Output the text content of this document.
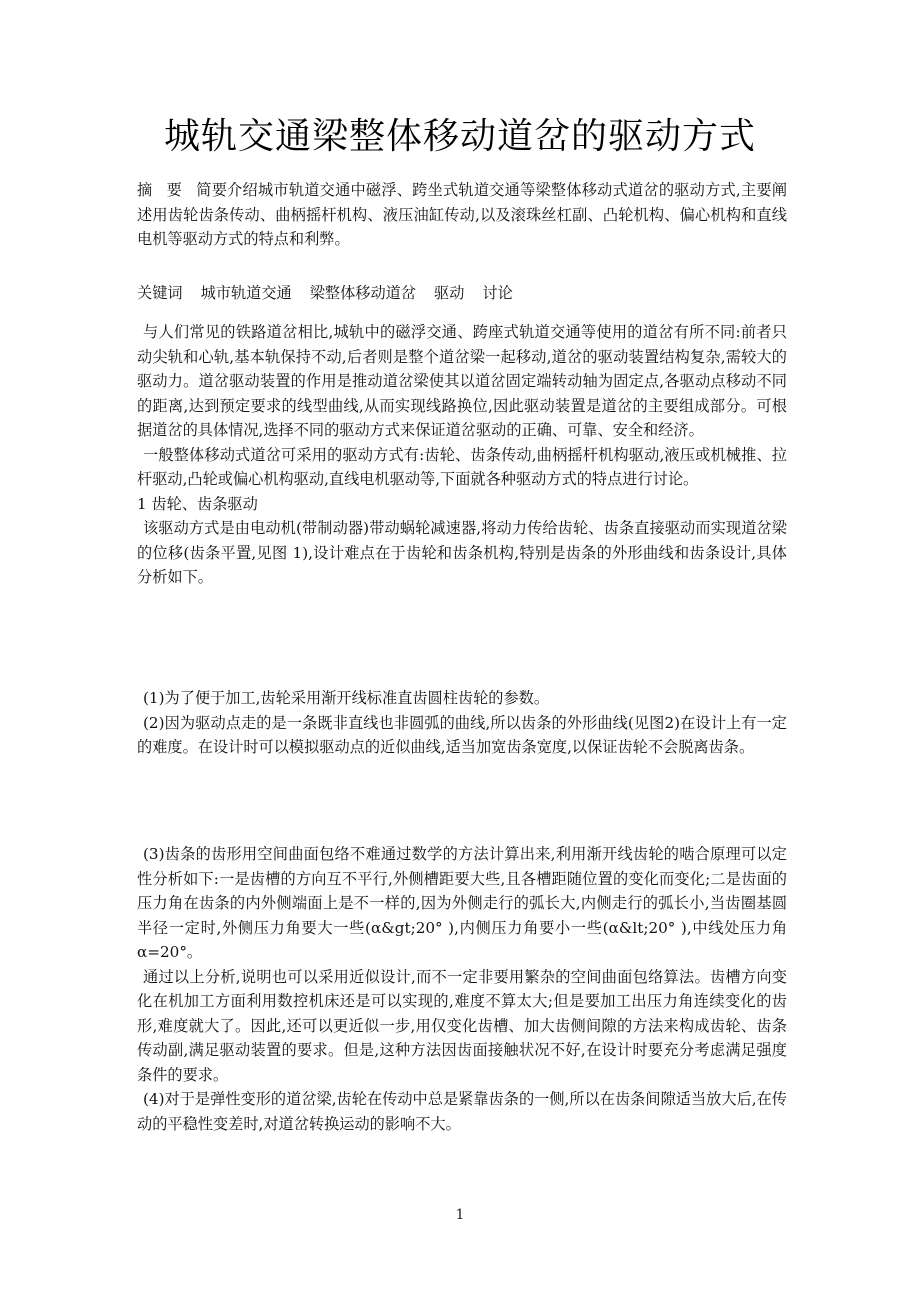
城轨交通梁整体移动道岔的驱动方式

摘 要 简要介绍城市轨道交通中磁浮、跨坐式轨道交通等梁整体移动式道岔的驱动方式,主要阐述用齿轮齿条传动、曲柄摇杆机构、液压油缸传动,以及滚珠丝杠副、凸轮机构、偏心机构和直线电机等驱动方式的特点和利弊。

关键词 城市轨道交通 梁整体移动道岔 驱动 讨论

与人们常见的铁路道岔相比,城轨中的磁浮交通、跨座式轨道交通等使用的道岔有所不同:前者只动尖轨和心轨,基本轨保持不动,后者则是整个道岔梁一起移动,道岔的驱动装置结构复杂,需较大的驱动力。道岔驱动装置的作用是推动道岔梁使其以道岔固定端转动轴为固定点,各驱动点移动不同的距离,达到预定要求的线型曲线,从而实现线路换位,因此驱动装置是道岔的主要组成部分。可根据道岔的具体情况,选择不同的驱动方式来保证道岔驱动的正确、可靠、安全和经济。

一般整体移动式道岔可采用的驱动方式有:齿轮、齿条传动,曲柄摇杆机构驱动,液压或机械推、拉杆驱动,凸轮或偏心机构驱动,直线电机驱动等,下面就各种驱动方式的特点进行讨论。

1 齿轮、齿条驱动

该驱动方式是由电动机(带制动器)带动蜗轮减速器,将动力传给齿轮、齿条直接驱动而实现道岔梁的位移(齿条平置,见图 1),设计难点在于齿轮和齿条机构,特别是齿条的外形曲线和齿条设计,具体分析如下。

(1)为了便于加工,齿轮采用渐开线标准直齿圆柱齿轮的参数。

(2)因为驱动点走的是一条既非直线也非圆弧的曲线,所以齿条的外形曲线(见图2)在设计上有一定的难度。在设计时可以模拟驱动点的近似曲线,适当加宽齿条宽度,以保证齿轮不会脱离齿条。

(3)齿条的齿形用空间曲面包络不难通过数学的方法计算出来,利用渐开线齿轮的啮合原理可以定性分析如下:一是齿槽的方向互不平行,外侧槽距要大些,且各槽距随位置的变化而变化;二是齿面的压力角在齿条的内外侧端面上是不一样的,因为外侧走行的弧长大,内侧走行的弧长小,当齿圈基圆半径一定时,外侧压力角要大一些(α&gt;20° ),内侧压力角要小一些(α&lt;20° ),中线处压力角α=20°。

通过以上分析,说明也可以采用近似设计,而不一定非要用繁杂的空间曲面包络算法。齿槽方向变化在机加工方面利用数控机床还是可以实现的,难度不算太大;但是要加工出压力角连续变化的齿形,难度就大了。因此,还可以更近似一步,用仅变化齿槽、加大齿侧间隙的方法来构成齿轮、齿条传动副,满足驱动装置的要求。但是,这种方法因齿面接触状况不好,在设计时要充分考虑满足强度条件的要求。

(4)对于是弹性变形的道岔梁,齿轮在传动中总是紧靠齿条的一侧,所以在齿条间隙适当放大后,在传动的平稳性变差时,对道岔转换运动的影响不大。

1
